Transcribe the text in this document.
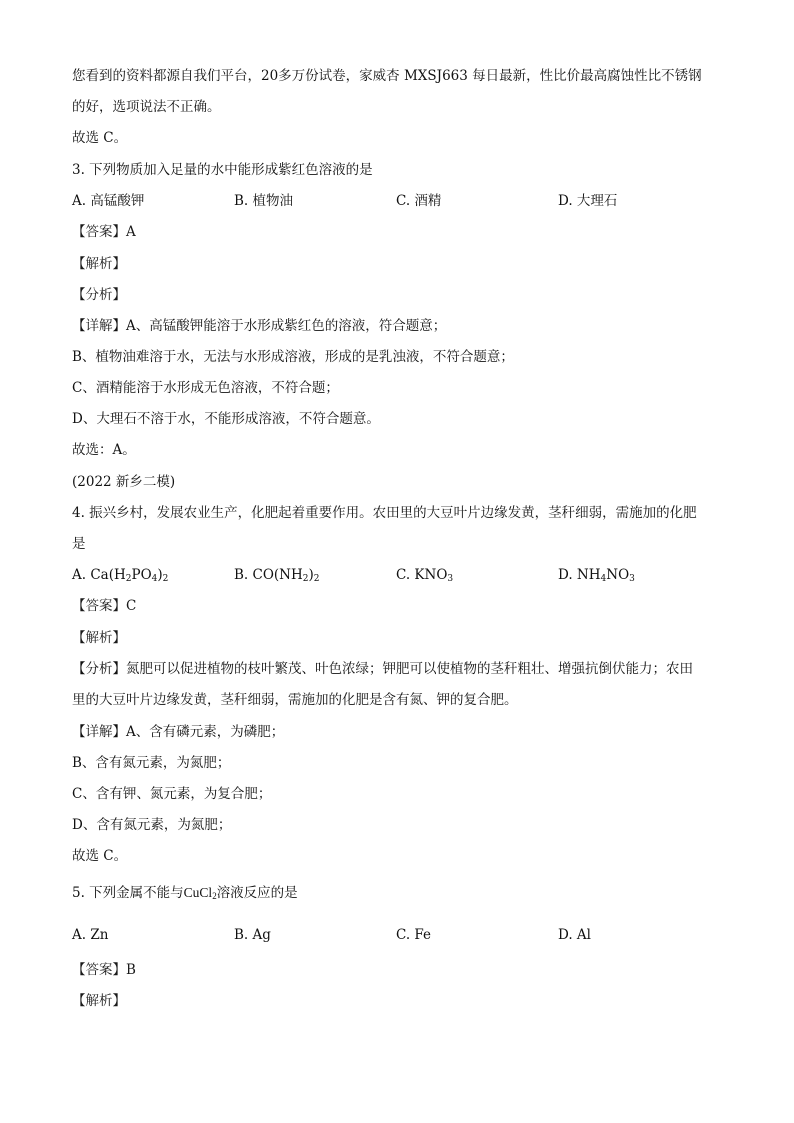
您看到的资料都源自我们平台，20多万份试卷，家威杏 MXSJ663 每日最新，性比价最高腐蚀性比不锈钢
的好，选项说法不正确。
故选 C。
3. 下列物质加入足量的水中能形成紫红色溶液的是
A. 高锰酸钾	B. 植物油	C. 酒精	D. 大理石
【答案】A
【解析】
【分析】
【详解】A、高锰酸钾能溶于水形成紫红色的溶液，符合题意；
B、植物油难溶于水，无法与水形成溶液，形成的是乳浊液，不符合题意；
C、酒精能溶于水形成无色溶液，不符合题；
D、大理石不溶于水，不能形成溶液，不符合题意。
故选：A。
(2022 新乡二模)
4. 振兴乡村，发展农业生产，化肥起着重要作用。农田里的大豆叶片边缘发黄，茎秆细弱，需施加的化肥
是
A. $Ca(H_2PO_4)_2$	B. $CO(NH_2)_2$	C. $KNO_3$	D. $NH_4NO_3$
【答案】C
【解析】
【分析】氮肥可以促进植物的枝叶繁茂、叶色浓绿；钾肥可以使植物的茎秆粗壮、增强抗倒伏能力；农田
里的大豆叶片边缘发黄，茎秆细弱，需施加的化肥是含有氮、钾的复合肥。
【详解】A、含有磷元素，为磷肥；
B、含有氮元素，为氮肥；
C、含有钾、氮元素，为复合肥；
D、含有氮元素，为氮肥；
故选 C。
5. 下列金属不能与CuCl$_2$溶液反应的是
A. Zn	B. Ag	C. Fe	D. Al
【答案】B
【解析】
